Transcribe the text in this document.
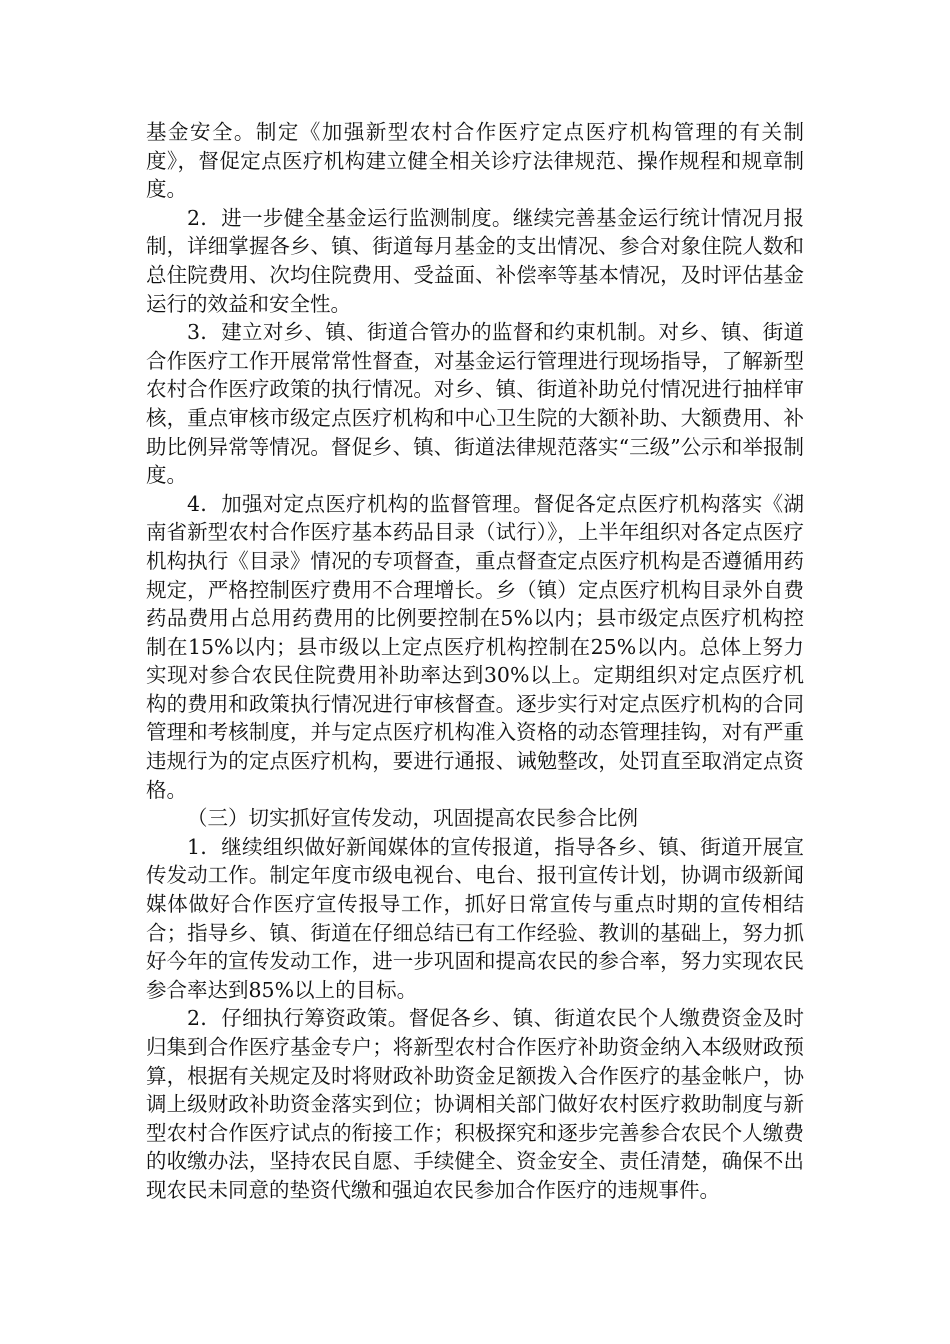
基金安全。制定《加强新型农村合作医疗定点医疗机构管理的有关制度》，督促定点医疗机构建立健全相关诊疗法律规范、操作规程和规章制度。

2．进一步健全基金运行监测制度。继续完善基金运行统计情况月报制，详细掌握各乡、镇、街道每月基金的支出情况、参合对象住院人数和总住院费用、次均住院费用、受益面、补偿率等基本情况，及时评估基金运行的效益和安全性。

3．建立对乡、镇、街道合管办的监督和约束机制。对乡、镇、街道合作医疗工作开展常常性督查，对基金运行管理进行现场指导，了解新型农村合作医疗政策的执行情况。对乡、镇、街道补助兑付情况进行抽样审核，重点审核市级定点医疗机构和中心卫生院的大额补助、大额费用、补助比例异常等情况。督促乡、镇、街道法律规范落实“三级”公示和举报制度。

4．加强对定点医疗机构的监督管理。督促各定点医疗机构落实《湖南省新型农村合作医疗基本药品目录（试行）》，上半年组织对各定点医疗机构执行《目录》情况的专项督查，重点督查定点医疗机构是否遵循用药规定，严格控制医疗费用不合理增长。乡（镇）定点医疗机构目录外自费药品费用占总用药费用的比例要控制在5%以内；县市级定点医疗机构控制在15%以内；县市级以上定点医疗机构控制在25%以内。总体上努力实现对参合农民住院费用补助率达到30%以上。定期组织对定点医疗机构的费用和政策执行情况进行审核督查。逐步实行对定点医疗机构的合同管理和考核制度，并与定点医疗机构准入资格的动态管理挂钩，对有严重违规行为的定点医疗机构，要进行通报、诫勉整改，处罚直至取消定点资格。

（三）切实抓好宣传发动，巩固提高农民参合比例

1．继续组织做好新闻媒体的宣传报道，指导各乡、镇、街道开展宣传发动工作。制定年度市级电视台、电台、报刊宣传计划，协调市级新闻媒体做好合作医疗宣传报导工作，抓好日常宣传与重点时期的宣传相结合；指导乡、镇、街道在仔细总结已有工作经验、教训的基础上，努力抓好今年的宣传发动工作，进一步巩固和提高农民的参合率，努力实现农民参合率达到85%以上的目标。

2．仔细执行筹资政策。督促各乡、镇、街道农民个人缴费资金及时归集到合作医疗基金专户；将新型农村合作医疗补助资金纳入本级财政预算，根据有关规定及时将财政补助资金足额拨入合作医疗的基金帐户，协调上级财政补助资金落实到位；协调相关部门做好农村医疗救助制度与新型农村合作医疗试点的衔接工作；积极探究和逐步完善参合农民个人缴费的收缴办法，坚持农民自愿、手续健全、资金安全、责任清楚，确保不出现农民未同意的垫资代缴和强迫农民参加合作医疗的违规事件。
